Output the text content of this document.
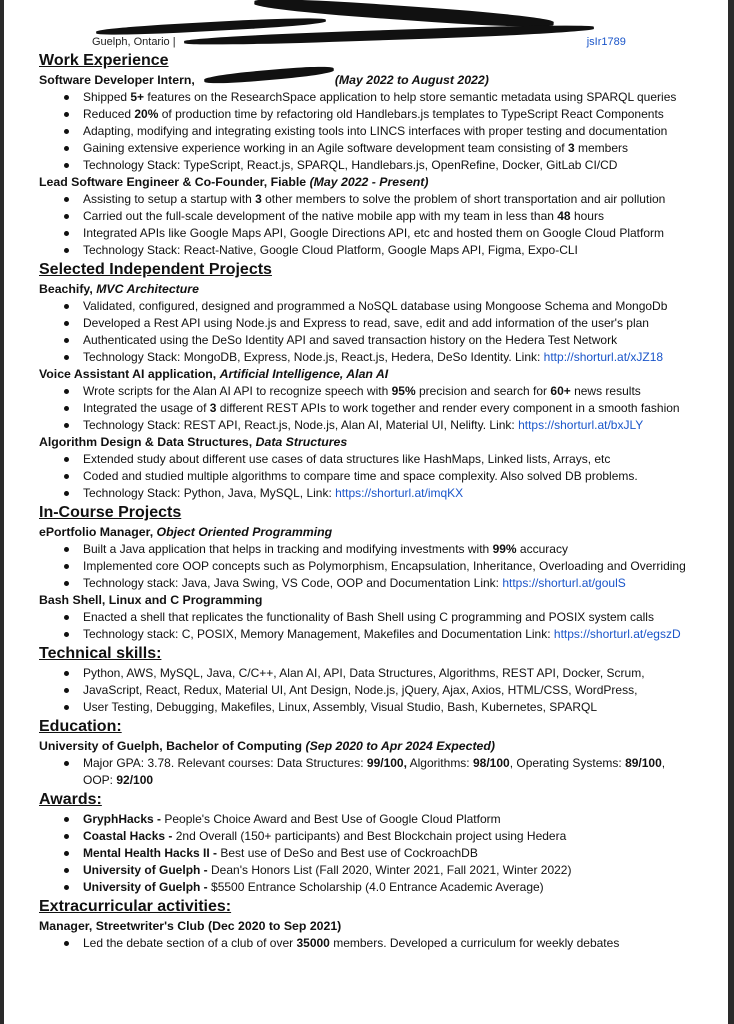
Guelph, Ontario |	jsIr1789
Work Experience
Software Developer Intern,	(May 2022 to August 2022)
Shipped 5+ features on the ResearchSpace application to help store semantic metadata using SPARQL queries
Reduced 20% of production time by refactoring old Handlebars.js templates to TypeScript React Components
Adapting, modifying and integrating existing tools into LINCS interfaces with proper testing and documentation
Gaining extensive experience working in an Agile software development team consisting of 3 members
Technology Stack: TypeScript, React.js, SPARQL, Handlebars.js, OpenRefine, Docker, GitLab CI/CD
Lead Software Engineer & Co-Founder, Fiable (May 2022 - Present)
Assisting to setup a startup with 3 other members to solve the problem of short transportation and air pollution
Carried out the full-scale development of the native mobile app with my team in less than 48 hours
Integrated APIs like Google Maps API, Google Directions API, etc and hosted them on Google Cloud Platform
Technology Stack: React-Native, Google Cloud Platform, Google Maps API, Figma, Expo-CLI
Selected Independent Projects
Beachify, MVC Architecture
Validated, configured, designed and programmed a NoSQL database using Mongoose Schema and MongoDb
Developed a Rest API using Node.js and Express to read, save, edit and add information of the user's plan
Authenticated using the DeSo Identity API and saved transaction history on the Hedera Test Network
Technology Stack: MongoDB, Express, Node.js, React.js, Hedera, DeSo Identity. Link: http://shorturl.at/xJZ18
Voice Assistant AI application, Artificial Intelligence, Alan AI
Wrote scripts for the Alan AI API to recognize speech with 95% precision and search for 60+ news results
Integrated the usage of 3 different REST APIs to work together and render every component in a smooth fashion
Technology Stack: REST API, React.js, Node.js, Alan AI, Material UI, Nelifty. Link: https://shorturl.at/bxJLY
Algorithm Design & Data Structures, Data Structures
Extended study about different use cases of data structures like HashMaps, Linked lists, Arrays, etc
Coded and studied multiple algorithms to compare time and space complexity. Also solved DB problems.
Technology Stack: Python, Java, MySQL, Link: https://shorturl.at/imqKX
In-Course Projects
ePortfolio Manager, Object Oriented Programming
Built a Java application that helps in tracking and modifying investments with 99% accuracy
Implemented core OOP concepts such as Polymorphism, Encapsulation, Inheritance, Overloading and Overriding
Technology stack: Java, Java Swing, VS Code, OOP and Documentation Link: https://shorturl.at/goulS
Bash Shell, Linux and C Programming
Enacted a shell that replicates the functionality of Bash Shell using C programming and POSIX system calls
Technology stack: C, POSIX, Memory Management, Makefiles and Documentation Link: https://shorturl.at/egszD
Technical skills:
Python, AWS, MySQL, Java, C/C++, Alan AI, API, Data Structures, Algorithms, REST API, Docker, Scrum,
JavaScript, React, Redux, Material UI, Ant Design, Node.js, jQuery, Ajax, Axios, HTML/CSS, WordPress,
User Testing, Debugging, Makefiles, Linux, Assembly, Visual Studio, Bash, Kubernetes, SPARQL
Education:
University of Guelph, Bachelor of Computing (Sep 2020 to Apr 2024 Expected)
Major GPA: 3.78. Relevant courses: Data Structures: 99/100, Algorithms: 98/100, Operating Systems: 89/100, OOP: 92/100
Awards:
GryphHacks - People's Choice Award and Best Use of Google Cloud Platform
Coastal Hacks - 2nd Overall (150+ participants) and Best Blockchain project using Hedera
Mental Health Hacks II - Best use of DeSo and Best use of CockroachDB
University of Guelph - Dean's Honors List (Fall 2020, Winter 2021, Fall 2021, Winter 2022)
University of Guelph - $5500 Entrance Scholarship (4.0 Entrance Academic Average)
Extracurricular activities:
Manager, Streetwriter's Club (Dec 2020 to Sep 2021)
Led the debate section of a club of over 35000 members. Developed a curriculum for weekly debates
